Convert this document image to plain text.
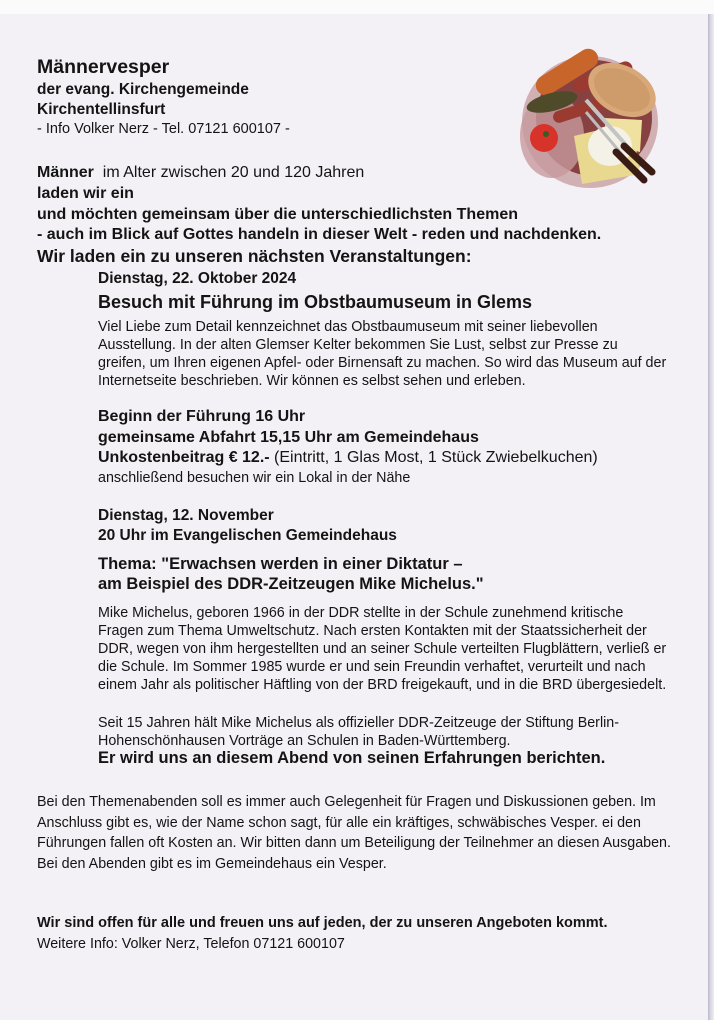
Männervesper
der evang. Kirchengemeinde
Kirchentellinsfurt
- Info Volker Nerz - Tel. 07121 600107 -
Männer  im Alter zwischen 20 und 120 Jahren
laden wir ein
und möchten gemeinsam über die unterschiedlichsten Themen
- auch im Blick auf Gottes handeln in dieser Welt - reden und nachdenken.
Wir laden ein zu unseren nächsten Veranstaltungen:
Dienstag, 22. Oktober 2024
Besuch mit Führung im Obstbaumuseum in Glems
Viel Liebe zum Detail kennzeichnet das Obstbaumuseum mit seiner liebevollen Ausstellung. In der alten Glemser Kelter bekommen Sie Lust, selbst zur Presse zu greifen, um Ihren eigenen Apfel- oder Birnensaft zu machen. So wird das Museum auf der Internetseite beschrieben. Wir können es selbst sehen und erleben.
Beginn der Führung 16 Uhr
gemeinsame Abfahrt 15,15 Uhr am Gemeindehaus
Unkostenbeitrag € 12.- (Eintritt, 1 Glas Most, 1 Stück Zwiebelkuchen)
anschließend besuchen wir ein Lokal in der Nähe
Dienstag, 12. November
20 Uhr im Evangelischen Gemeindehaus
Thema: "Erwachsen werden in einer Diktatur –
am Beispiel des DDR-Zeitzeugen Mike Michelus."
Mike Michelus, geboren 1966 in der DDR stellte in der Schule zunehmend kritische Fragen zum Thema Umweltschutz. Nach ersten Kontakten mit der Staatssicherheit der DDR, wegen von ihm hergestellten und an seiner Schule verteilten Flugblättern, verließ er die Schule. Im Sommer 1985 wurde er und sein Freundin verhaftet, verurteilt und nach einem Jahr als politischer Häftling von der BRD freigekauft, und in die BRD übergesiedelt.
Seit 15 Jahren hält Mike Michelus als offizieller DDR-Zeitzeuge der Stiftung Berlin-Hohenschönhausen Vorträge an Schulen in Baden-Württemberg.
Er wird uns an diesem Abend von seinen Erfahrungen berichten.
Bei den Themenabenden soll es immer auch Gelegenheit für Fragen und Diskussionen geben. Im Anschluss gibt es, wie der Name schon sagt, für alle ein kräftiges, schwäbisches Vesper. ei den Führungen fallen oft Kosten an. Wir bitten dann um Beteiligung der Teilnehmer an diesen Ausgaben. Bei den Abenden gibt es im Gemeindehaus ein Vesper.
Wir sind offen für alle und freuen uns auf jeden, der zu unseren Angeboten kommt.
Weitere Info: Volker Nerz, Telefon 07121 600107
